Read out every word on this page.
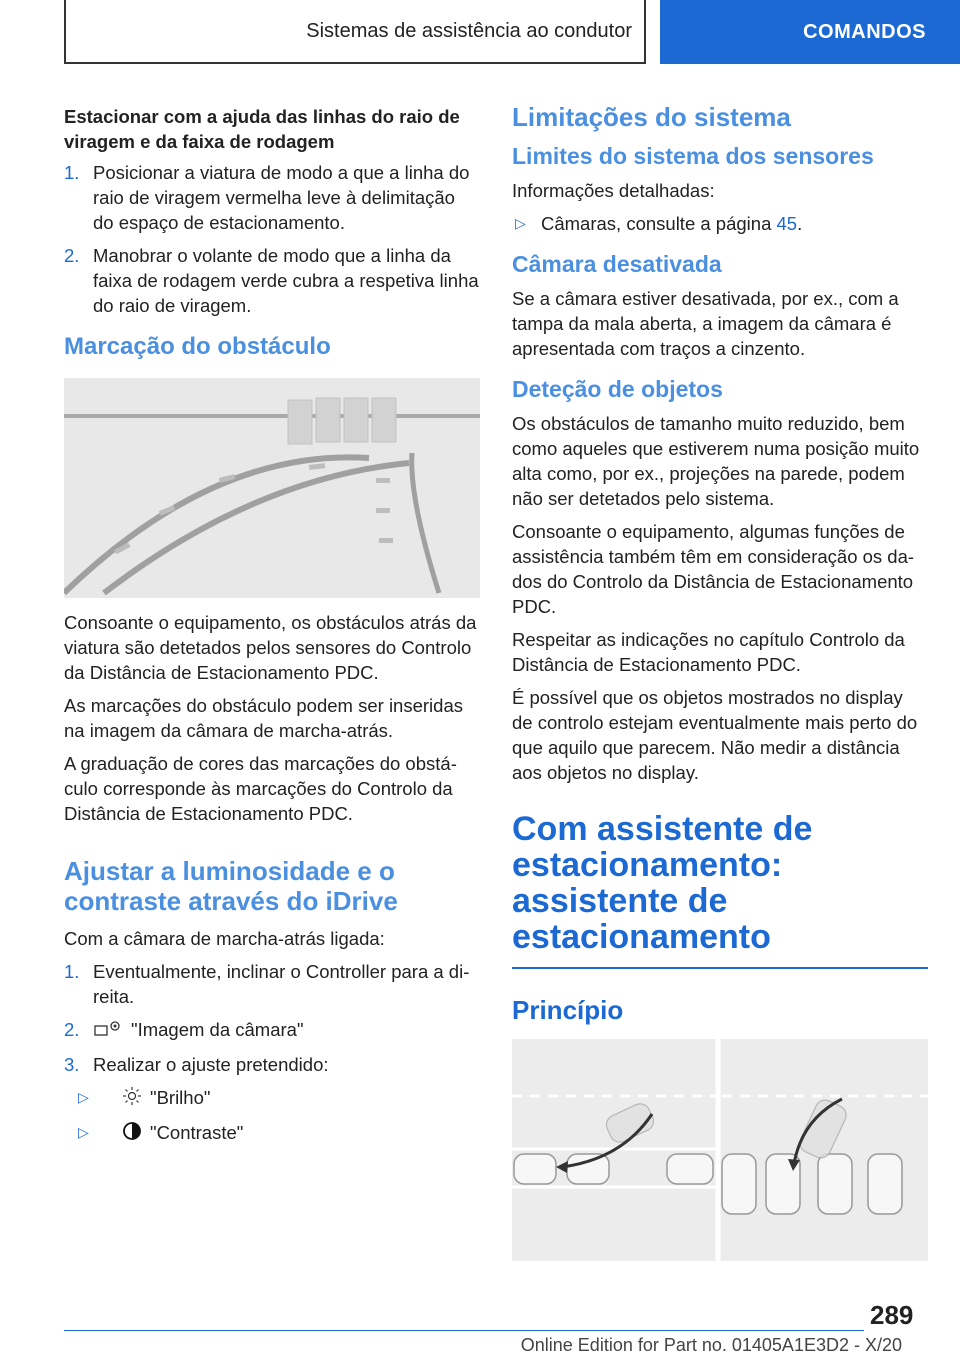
Sistemas de assistência ao condutor	COMANDOS
Estacionar com a ajuda das linhas do raio de viragem e da faixa de rodagem
1. Posicionar a viatura de modo a que a linha do raio de viragem vermelha leve à delimitação do espaço de estacionamento.
2. Manobrar o volante de modo que a linha da faixa de rodagem verde cubra a respetiva linha do raio de viragem.
Marcação do obstáculo

Consoante o equipamento, os obstáculos atrás da viatura são detetados pelos sensores do Controlo da Distância de Estacionamento PDC.

As marcações do obstáculo podem ser inseridas na imagem da câmara de marcha-atrás.

A graduação de cores das marcações do obstáculo corresponde às marcações do Controlo da Distância de Estacionamento PDC.

Ajustar a luminosidade e o contraste através do iDrive

Com a câmara de marcha-atrás ligada:

1. Eventualmente, inclinar o Controller para a direita.
2.	"Imagem da câmara"
3. Realizar o ajuste pretendido:
▷	"Brilho"
▷	"Contraste"
Limitações do sistema
Limites do sistema dos sensores

Informações detalhadas:

▷ Câmaras, consulte a página 45.
Câmara desativada

Se a câmara estiver desativada, por ex., com a tampa da mala aberta, a imagem da câmara é apresentada com traços a cinzento.

Deteção de objetos

Os obstáculos de tamanho muito reduzido, bem como aqueles que estiverem numa posição muito alta como, por ex., projeções na parede, podem não ser detetados pelo sistema.

Consoante o equipamento, algumas funções de assistência também têm em consideração os dados do Controlo da Distância de Estacionamento PDC.

Respeitar as indicações no capítulo Controlo da Distância de Estacionamento PDC.

É possível que os objetos mostrados no display de controlo estejam eventualmente mais perto do que aquilo que parecem. Não medir a distância aos objetos no display.

Com assistente de estacionamento: assistente de estacionamento
Princípio
289
Online Edition for Part no. 01405A1E3D2 - X/20
